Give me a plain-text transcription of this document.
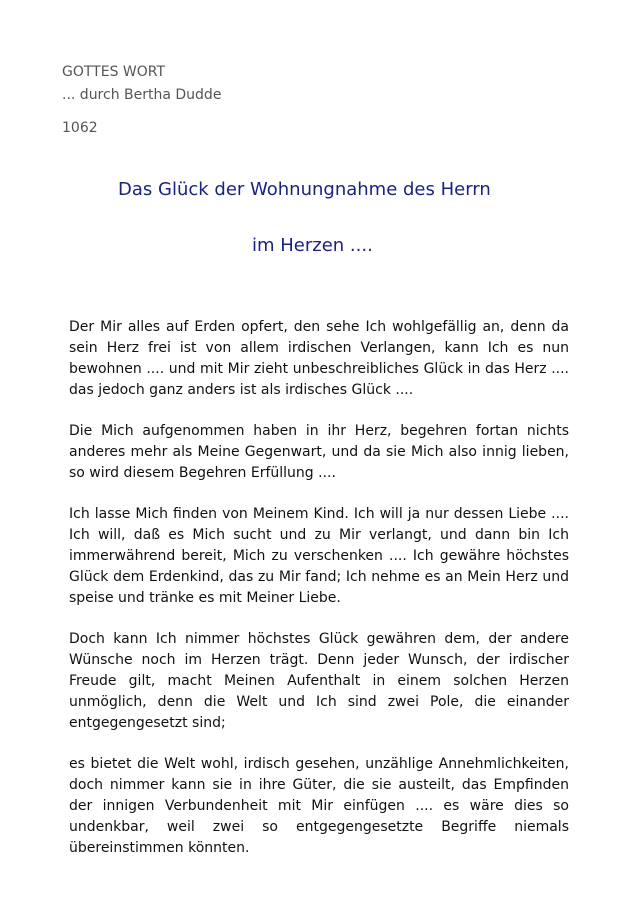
GOTTES WORT
... durch Bertha Dudde
1062
Das Glück der Wohnungnahme des Herrn
im Herzen ....

Der Mir alles auf Erden opfert, den sehe Ich wohlgefällig an, denn da sein Herz frei ist von allem irdischen Verlangen, kann Ich es nun bewohnen .... und mit Mir zieht unbeschreibliches Glück in das Herz .... das jedoch ganz anders ist als irdisches Glück ....

Die Mich aufgenommen haben in ihr Herz, begehren fortan nichts anderes mehr als Meine Gegenwart, und da sie Mich also innig lieben, so wird diesem Begehren Erfüllung ....

Ich lasse Mich finden von Meinem Kind. Ich will ja nur dessen Liebe .... Ich will, daß es Mich sucht und zu Mir verlangt, und dann bin Ich immerwährend bereit, Mich zu verschenken .... Ich gewähre höchstes Glück dem Erdenkind, das zu Mir fand; Ich nehme es an Mein Herz und speise und tränke es mit Meiner Liebe.

Doch kann Ich nimmer höchstes Glück gewähren dem, der andere Wünsche noch im Herzen trägt. Denn jeder Wunsch, der irdischer Freude gilt, macht Meinen Aufenthalt in einem solchen Herzen unmöglich, denn die Welt und Ich sind zwei Pole, die einander entgegengesetzt sind;

es bietet die Welt wohl, irdisch gesehen, unzählige Annehmlichkeiten, doch nimmer kann sie in ihre Güter, die sie austeilt, das Empfinden der innigen Verbundenheit mit Mir einfügen .... es wäre dies so undenkbar, weil zwei so entgegengesetzte Begriffe niemals übereinstimmen könnten.
